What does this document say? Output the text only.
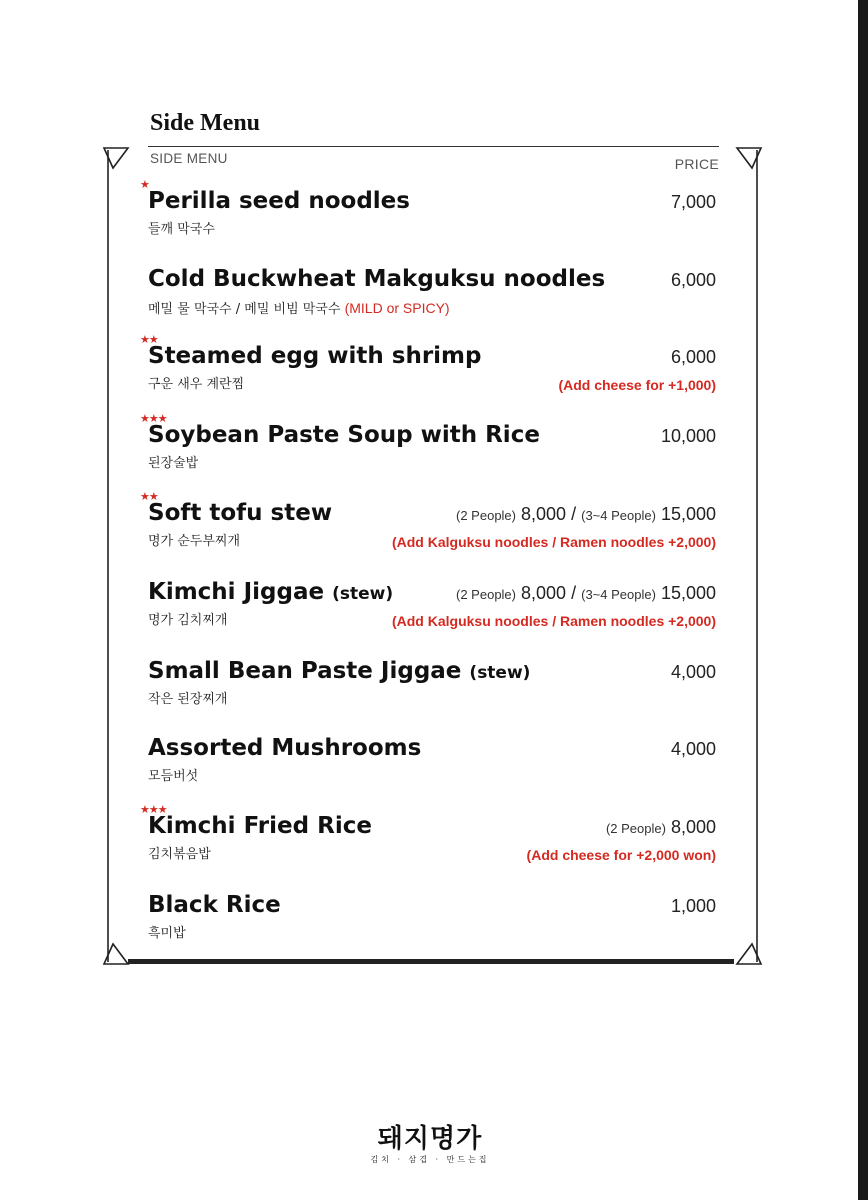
Side Menu
SIDE MENU	PRICE
★
Perilla seed noodles	7,000
들깨 막국수
Cold Buckwheat Makguksu noodles	6,000
메밀 물 막국수 / 메밀 비빔 막국수 (MILD or SPICY)
★★
Steamed egg with shrimp	6,000
구운 새우 계란찜	(Add cheese for +1,000)
★★★
Soybean Paste Soup with Rice	10,000
된장술밥
★★
Soft tofu stew	(2 People) 8,000 / (3~4 People) 15,000
명가 순두부찌개	(Add Kalguksu noodles / Ramen noodles +2,000)
Kimchi Jiggae (stew)	(2 People) 8,000 / (3~4 People) 15,000
명가 김치찌개	(Add Kalguksu noodles / Ramen noodles +2,000)
Small Bean Paste Jiggae (stew)	4,000
작은 된장찌개
Assorted Mushrooms	4,000
모듬버섯
★★★
Kimchi Fried Rice	(2 People) 8,000
김치볶음밥	(Add cheese for +2,000 won)
Black Rice	1,000
흑미밥
돼지명가
김치 · 삼겹 · 만드는집
